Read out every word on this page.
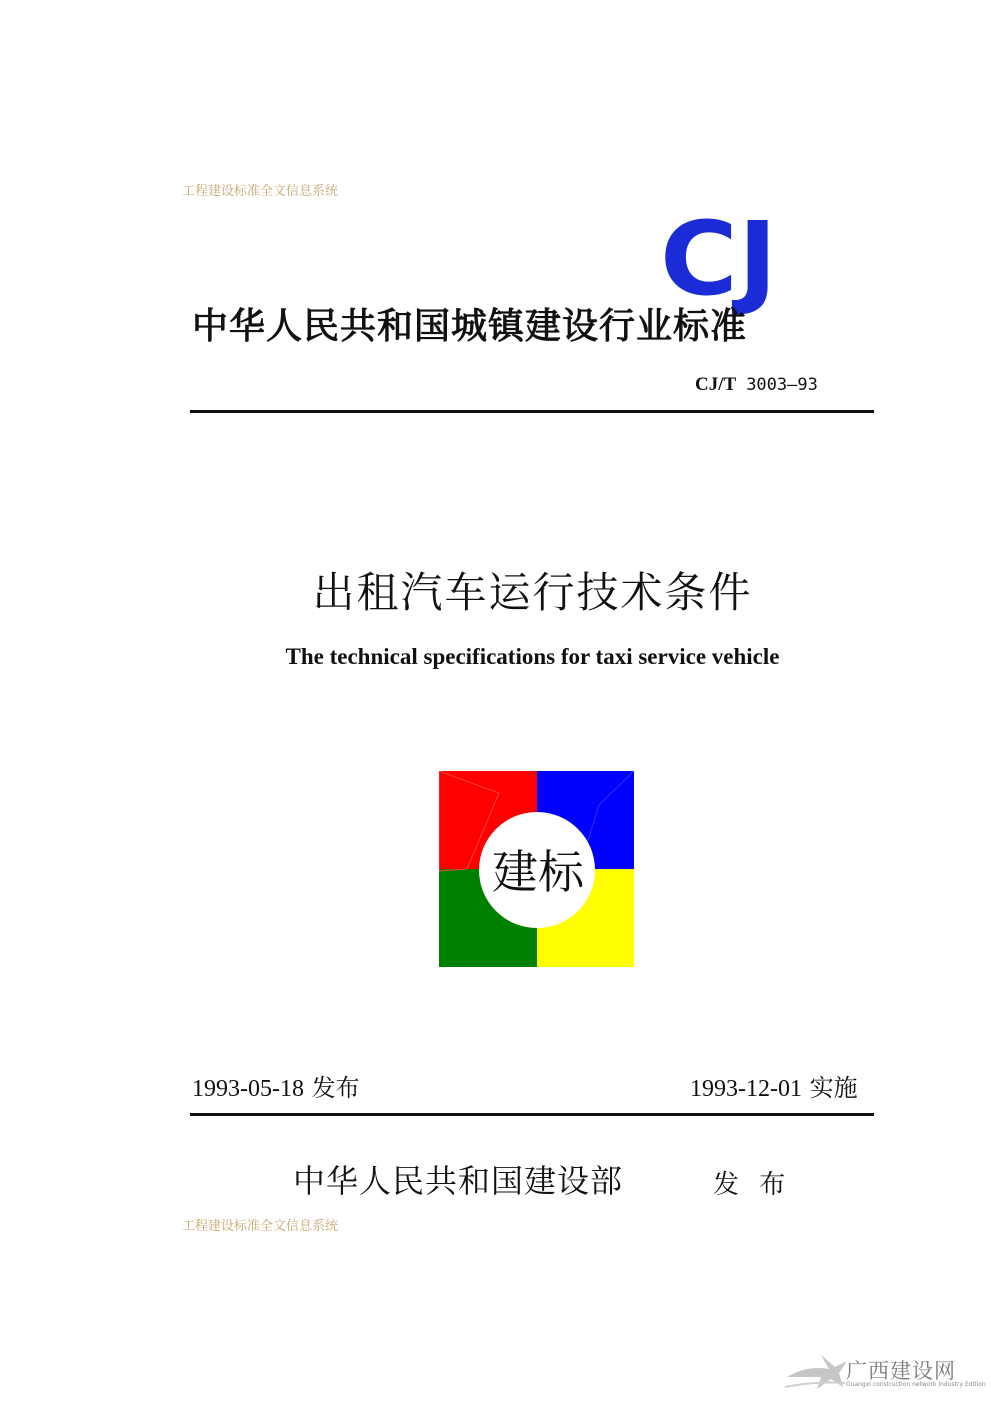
工程建设标准全文信息系统
CJ
中华人民共和国城镇建设行业标准
CJ/T 3003—93
出租汽车运行技术条件
The technical specifications for taxi service vehicle
建标
1993-05-18 发布	1993-12-01 实施
中华人民共和国建设部	发 布
工程建设标准全文信息系统
广西建设网
Guangxi construction network Industry Edition
